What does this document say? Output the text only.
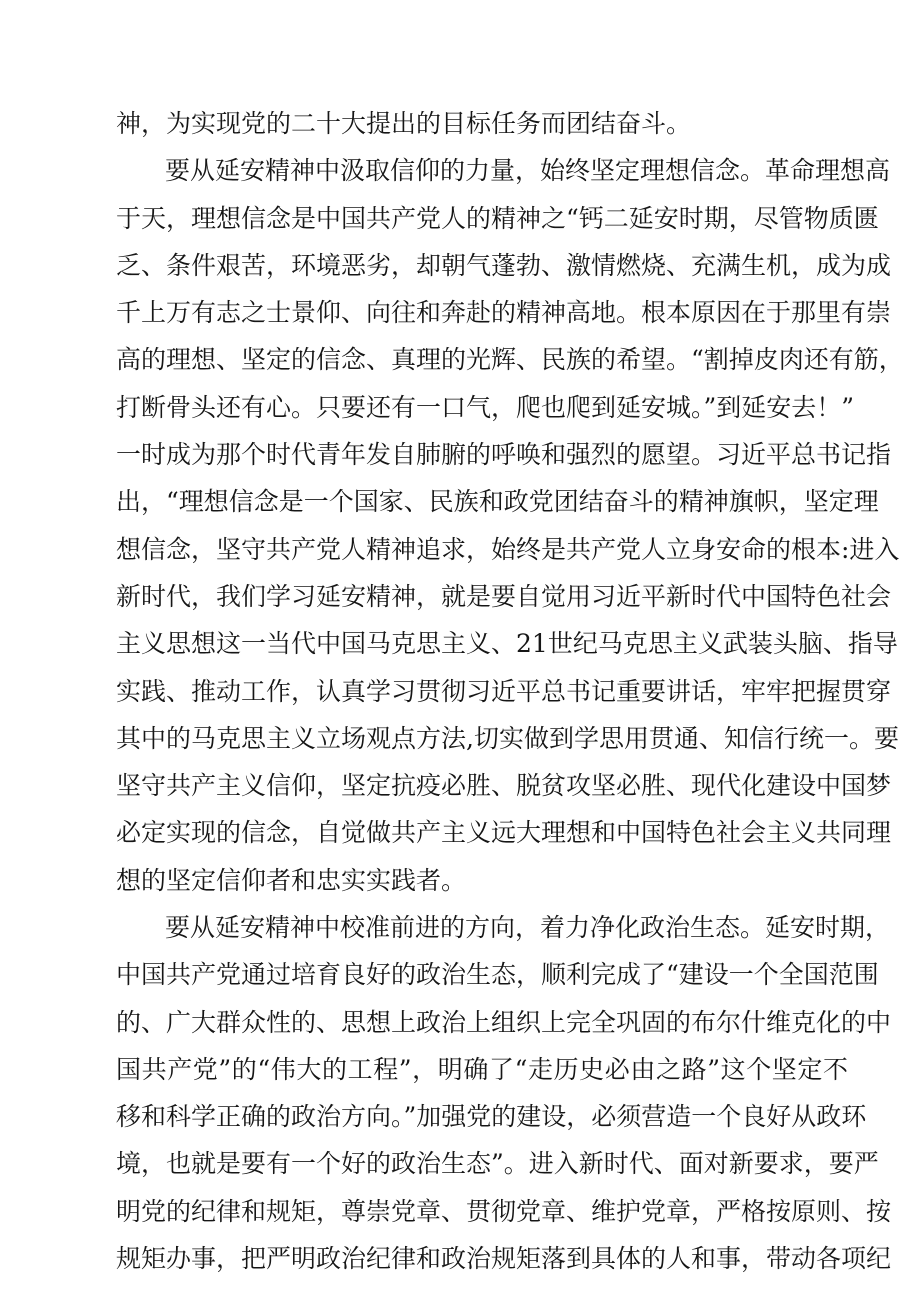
神，为实现党的二十大提出的目标任务而团结奋斗。
要从延安精神中汲取信仰的力量，始终坚定理想信念。革命理想高
于天，理想信念是中国共产党人的精神之“钙二延安时期，尽管物质匮
乏、条件艰苦，环境恶劣，却朝气蓬勃、激情燃烧、充满生机，成为成
千上万有志之士景仰、向往和奔赴的精神高地。根本原因在于那里有崇
高的理想、坚定的信念、真理的光辉、民族的希望。“割掉皮肉还有筋，
打断骨头还有心。只要还有一口气，爬也爬到延安城。”到延安去！”
一时成为那个时代青年发自肺腑的呼唤和强烈的愿望。习近平总书记指
出，“理想信念是一个国家、民族和政党团结奋斗的精神旗帜，坚定理
想信念，坚守共产党人精神追求，始终是共产党人立身安命的根本:进入
新时代，我们学习延安精神，就是要自觉用习近平新时代中国特色社会
主义思想这一当代中国马克思主义、21世纪马克思主义武装头脑、指导
实践、推动工作，认真学习贯彻习近平总书记重要讲话，牢牢把握贯穿
其中的马克思主义立场观点方法,切实做到学思用贯通、知信行统一。要
坚守共产主义信仰，坚定抗疫必胜、脱贫攻坚必胜、现代化建设中国梦
必定实现的信念，自觉做共产主义远大理想和中国特色社会主义共同理
想的坚定信仰者和忠实实践者。
要从延安精神中校准前进的方向，着力净化政治生态。延安时期，
中国共产党通过培育良好的政治生态，顺利完成了“建设一个全国范围
的、广大群众性的、思想上政治上组织上完全巩固的布尔什维克化的中
国共产党”的“伟大的工程”，明确了“走历史必由之路”这个坚定不
移和科学正确的政治方向。”加强党的建设，必须营造一个良好从政环
境，也就是要有一个好的政治生态”。进入新时代、面对新要求，要严
明党的纪律和规矩，尊崇党章、贯彻党章、维护党章，严格按原则、按
规矩办事，把严明政治纪律和政治规矩落到具体的人和事，带动各项纪
